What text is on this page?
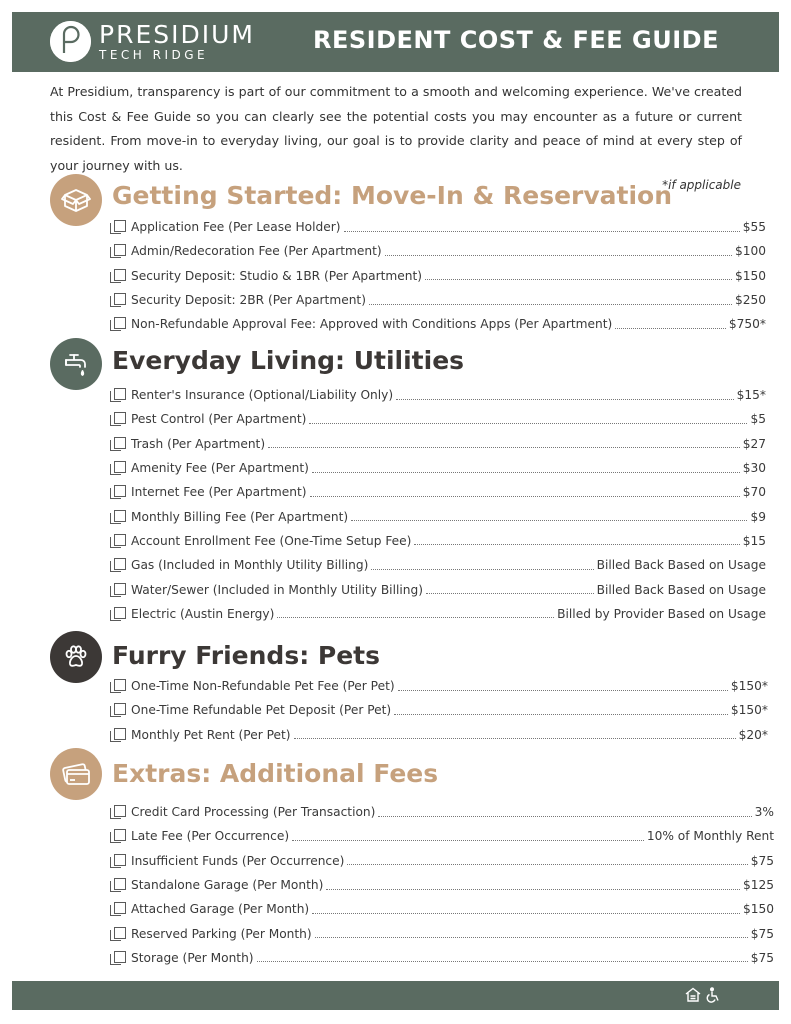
PRESIDIUM
TECH RIDGE
RESIDENT COST & FEE GUIDE

At Presidium, transparency is part of our commitment to a smooth and welcoming experience. We've created this Cost & Fee Guide so you can clearly see the potential costs you may encounter as a future or current resident. From move-in to everyday living, our goal is to provide clarity and peace of mind at every step of your journey with us.

Getting Started: Move-In & Reservation
*if applicable
Application Fee (Per Lease Holder)	$55
Admin/Redecoration Fee (Per Apartment)	$100
Security Deposit: Studio & 1BR (Per Apartment)	$150
Security Deposit: 2BR (Per Apartment)	$250
Non-Refundable Approval Fee: Approved with Conditions Apps (Per Apartment)	$750*
Everyday Living: Utilities
Renter's Insurance (Optional/Liability Only)	$15*
Pest Control (Per Apartment)	$5
Trash (Per Apartment)	$27
Amenity Fee (Per Apartment)	$30
Internet Fee (Per Apartment)	$70
Monthly Billing Fee (Per Apartment)	$9
Account Enrollment Fee (One-Time Setup Fee)	$15
Gas (Included in Monthly Utility Billing)	Billed Back Based on Usage
Water/Sewer (Included in Monthly Utility Billing)	Billed Back Based on Usage
Electric (Austin Energy)	Billed by Provider Based on Usage
Furry Friends: Pets
One-Time Non-Refundable Pet Fee (Per Pet)	$150*
One-Time Refundable Pet Deposit (Per Pet)	$150*
Monthly Pet Rent (Per Pet)	$20*
Extras: Additional Fees
Credit Card Processing (Per Transaction)	3%
Late Fee (Per Occurrence)	10% of Monthly Rent
Insufficient Funds (Per Occurrence)	$75
Standalone Garage (Per Month)	$125
Attached Garage (Per Month)	$150
Reserved Parking (Per Month)	$75
Storage (Per Month)	$75
